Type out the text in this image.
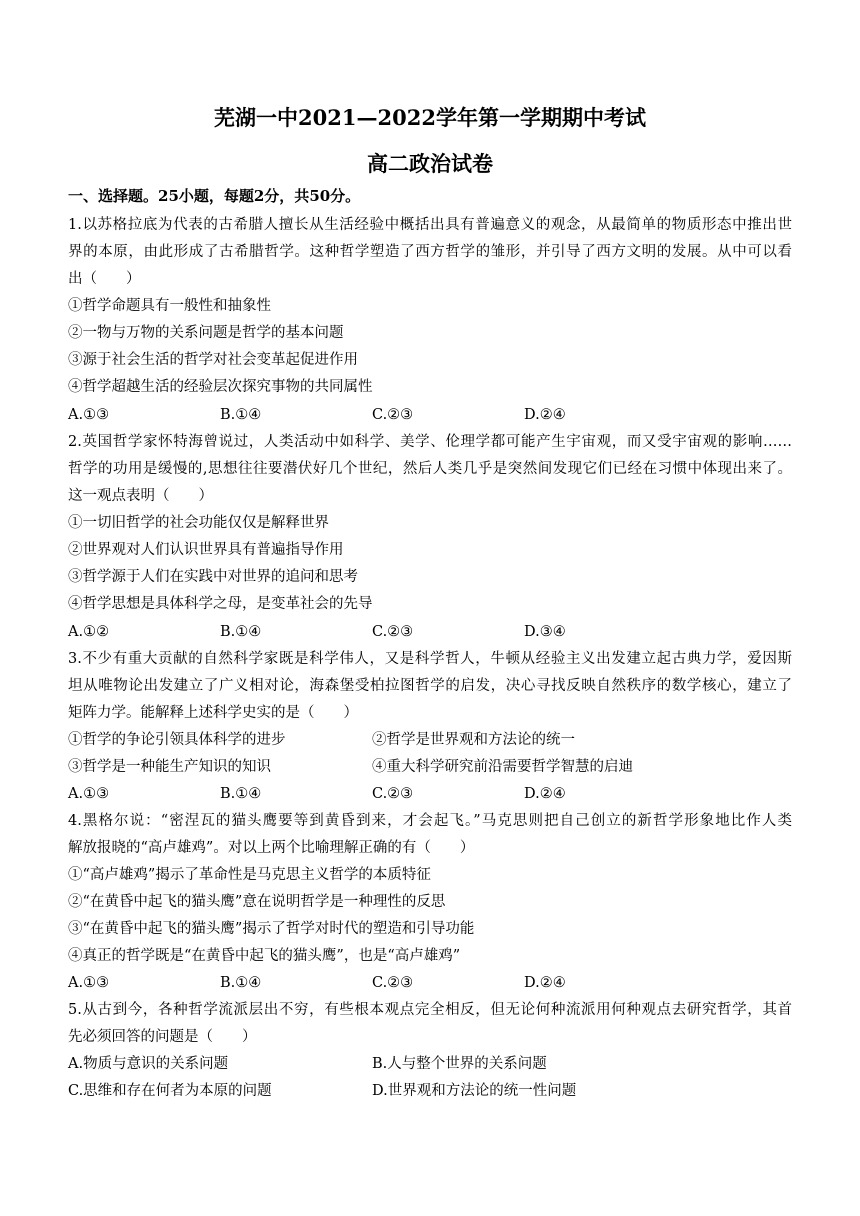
芜湖一中2021—2022学年第一学期期中考试
高二政治试卷
一、选择题。25小题，每题2分，共50分。
1.以苏格拉底为代表的古希腊人擅长从生活经验中概括出具有普遍意义的观念，从最简单的物质形态中推出世
界的本原，由此形成了古希腊哲学。这种哲学塑造了西方哲学的雏形，并引导了西方文明的发展。从中可以看
出（　　）
①哲学命题具有一般性和抽象性
②一物与万物的关系问题是哲学的基本问题
③源于社会生活的哲学对社会变革起促进作用
④哲学超越生活的经验层次探究事物的共同属性
A.①③	B.①④	C.②③	D.②④
2.英国哲学家怀特海曾说过，人类活动中如科学、美学、伦理学都可能产生宇宙观，而又受宇宙观的影响……
哲学的功用是缓慢的,思想往往要潜伏好几个世纪，然后人类几乎是突然间发现它们已经在习惯中体现出来了。
这一观点表明（　　）
①一切旧哲学的社会功能仅仅是解释世界
②世界观对人们认识世界具有普遍指导作用
③哲学源于人们在实践中对世界的追问和思考
④哲学思想是具体科学之母，是变革社会的先导
A.①②	B.①④	C.②③	D.③④
3.不少有重大贡献的自然科学家既是科学伟人，又是科学哲人，牛顿从经验主义出发建立起古典力学，爱因斯
坦从唯物论出发建立了广义相对论，海森堡受柏拉图哲学的启发，决心寻找反映自然秩序的数学核心，建立了
矩阵力学。能解释上述科学史实的是（　　）
①哲学的争论引领具体科学的进步	②哲学是世界观和方法论的统一
③哲学是一种能生产知识的知识	④重大科学研究前沿需要哲学智慧的启迪
A.①③	B.①④	C.②③	D.②④
4.黑格尔说：“密涅瓦的猫头鹰要等到黄昏到来，才会起飞。”马克思则把自己创立的新哲学形象地比作人类
解放报晓的“高卢雄鸡”。对以上两个比喻理解正确的有（　　）
①“高卢雄鸡”揭示了革命性是马克思主义哲学的本质特征
②“在黄昏中起飞的猫头鹰”意在说明哲学是一种理性的反思
③“在黄昏中起飞的猫头鹰”揭示了哲学对时代的塑造和引导功能
④真正的哲学既是“在黄昏中起飞的猫头鹰”，也是“高卢雄鸡”
A.①③	B.①④	C.②③	D.②④
5.从古到今，各种哲学流派层出不穷，有些根本观点完全相反，但无论何种流派用何种观点去研究哲学，其首
先必须回答的问题是（　　）
A.物质与意识的关系问题	B.人与整个世界的关系问题
C.思维和存在何者为本原的问题	D.世界观和方法论的统一性问题
